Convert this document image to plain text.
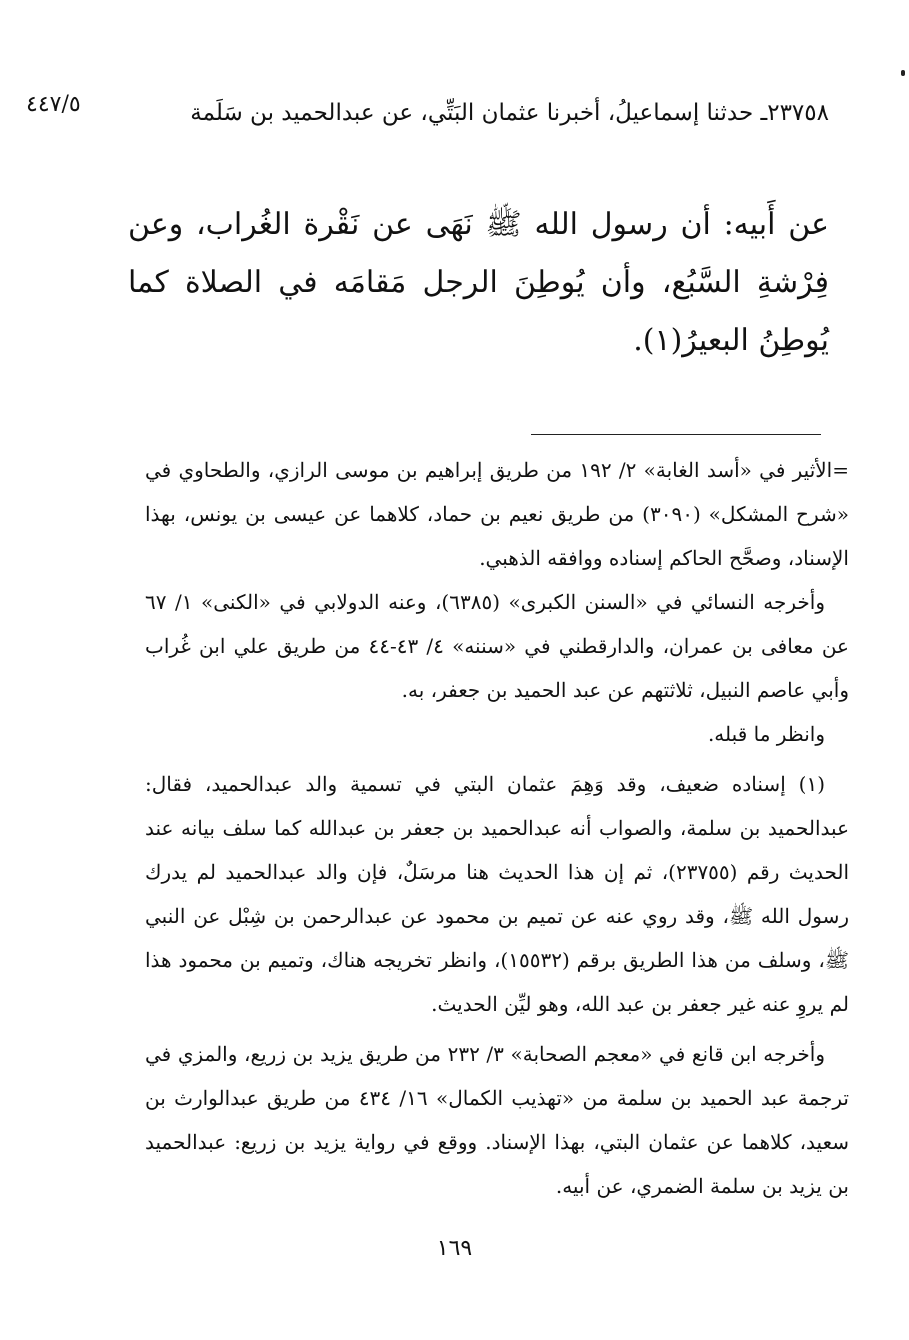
٤٤٧/٥	٢٣٧٥٨ـ حدثنا إسماعيلُ، أخبرنا عثمان البَتِّي، عن عبدالحميد بن سَلَمة
عن أَبيه: أن رسول الله ﷺ نَهَى عن نَقْرة الغُراب، وعن فِرْشةِ السَّبُع، وأن يُوطِنَ الرجل مَقامَه في الصلاة كما يُوطِنُ البعيرُ(١).

=الأثير في «أسد الغابة» ٢/ ١٩٢ من طريق إبراهيم بن موسى الرازي، والطحاوي في «شرح المشكل» (٣٠٩٠) من طريق نعيم بن حماد، كلاهما عن عيسى بن يونس، بهذا الإسناد، وصحَّح الحاكم إسناده ووافقه الذهبي.

وأخرجه النسائي في «السنن الكبرى» (٦٣٨٥)، وعنه الدولابي في «الكنى» ١/ ٦٧ عن معافى بن عمران، والدارقطني في «سننه» ٤/ ٤٣-٤٤ من طريق علي ابن غُراب وأبي عاصم النبيل، ثلاثتهم عن عبد الحميد بن جعفر، به.

وانظر ما قبله.

(١) إسناده ضعيف، وقد وَهِمَ عثمان البتي في تسمية والد عبدالحميد، فقال: عبدالحميد بن سلمة، والصواب أنه عبدالحميد بن جعفر بن عبدالله كما سلف بيانه عند الحديث رقم (٢٣٧٥٥)، ثم إن هذا الحديث هنا مرسَلٌ، فإن والد عبدالحميد لم يدرك رسول الله ﷺ، وقد روي عنه عن تميم بن محمود عن عبدالرحمن بن شِبْل عن النبي ﷺ، وسلف من هذا الطريق برقم (١٥٥٣٢)، وانظر تخريجه هناك، وتميم بن محمود هذا لم يروِ عنه غير جعفر بن عبد الله، وهو ليِّن الحديث.

وأخرجه ابن قانع في «معجم الصحابة» ٣/ ٢٣٢ من طريق يزيد بن زريع، والمزي في ترجمة عبد الحميد بن سلمة من «تهذيب الكمال» ١٦/ ٤٣٤ من طريق عبدالوارث بن سعيد، كلاهما عن عثمان البتي، بهذا الإسناد. ووقع في رواية يزيد بن زريع: عبدالحميد بن يزيد بن سلمة الضمري، عن أبيه.

١٦٩
